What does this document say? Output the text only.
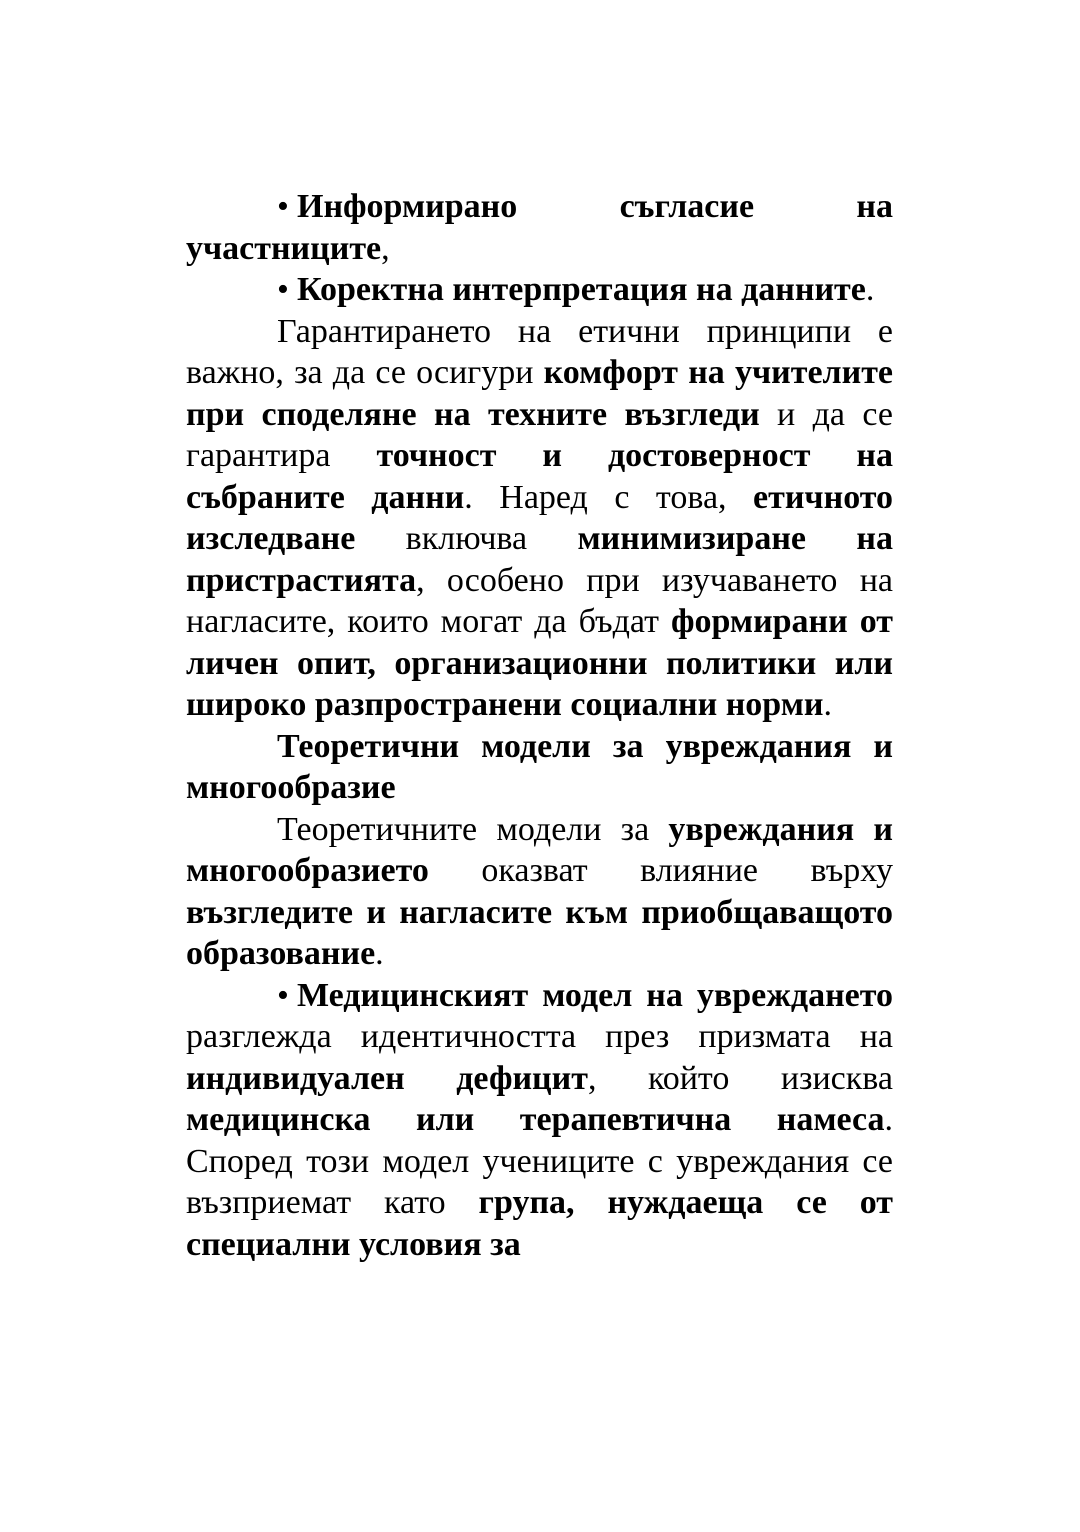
• Информирано съгласие на участниците,

• Коректна интерпретация на данните.

Гарантирането на етични принципи е важно, за да се осигури комфорт на учителите при споделяне на техните възгледи и да се гарантира точност и достоверност на събраните данни. Наред с това, етичното изследване включва минимизиране на пристрастията, особено при изучаването на нагласите, които могат да бъдат формирани от личен опит, организационни политики или широко разпространени социални норми.

Теоретични модели за увреждания и многообразие

Теоретичните модели за увреждания и многообразието оказват влияние върху възгледите и нагласите към приобщаващото образование.

• Медицинският модел на увреждането разглежда идентичността през призмата на индивидуален дефицит, който изисква медицинска или терапевтична намеса. Според този модел учениците с увреждания се възприемат като група, нуждаеща се от специални условия за
